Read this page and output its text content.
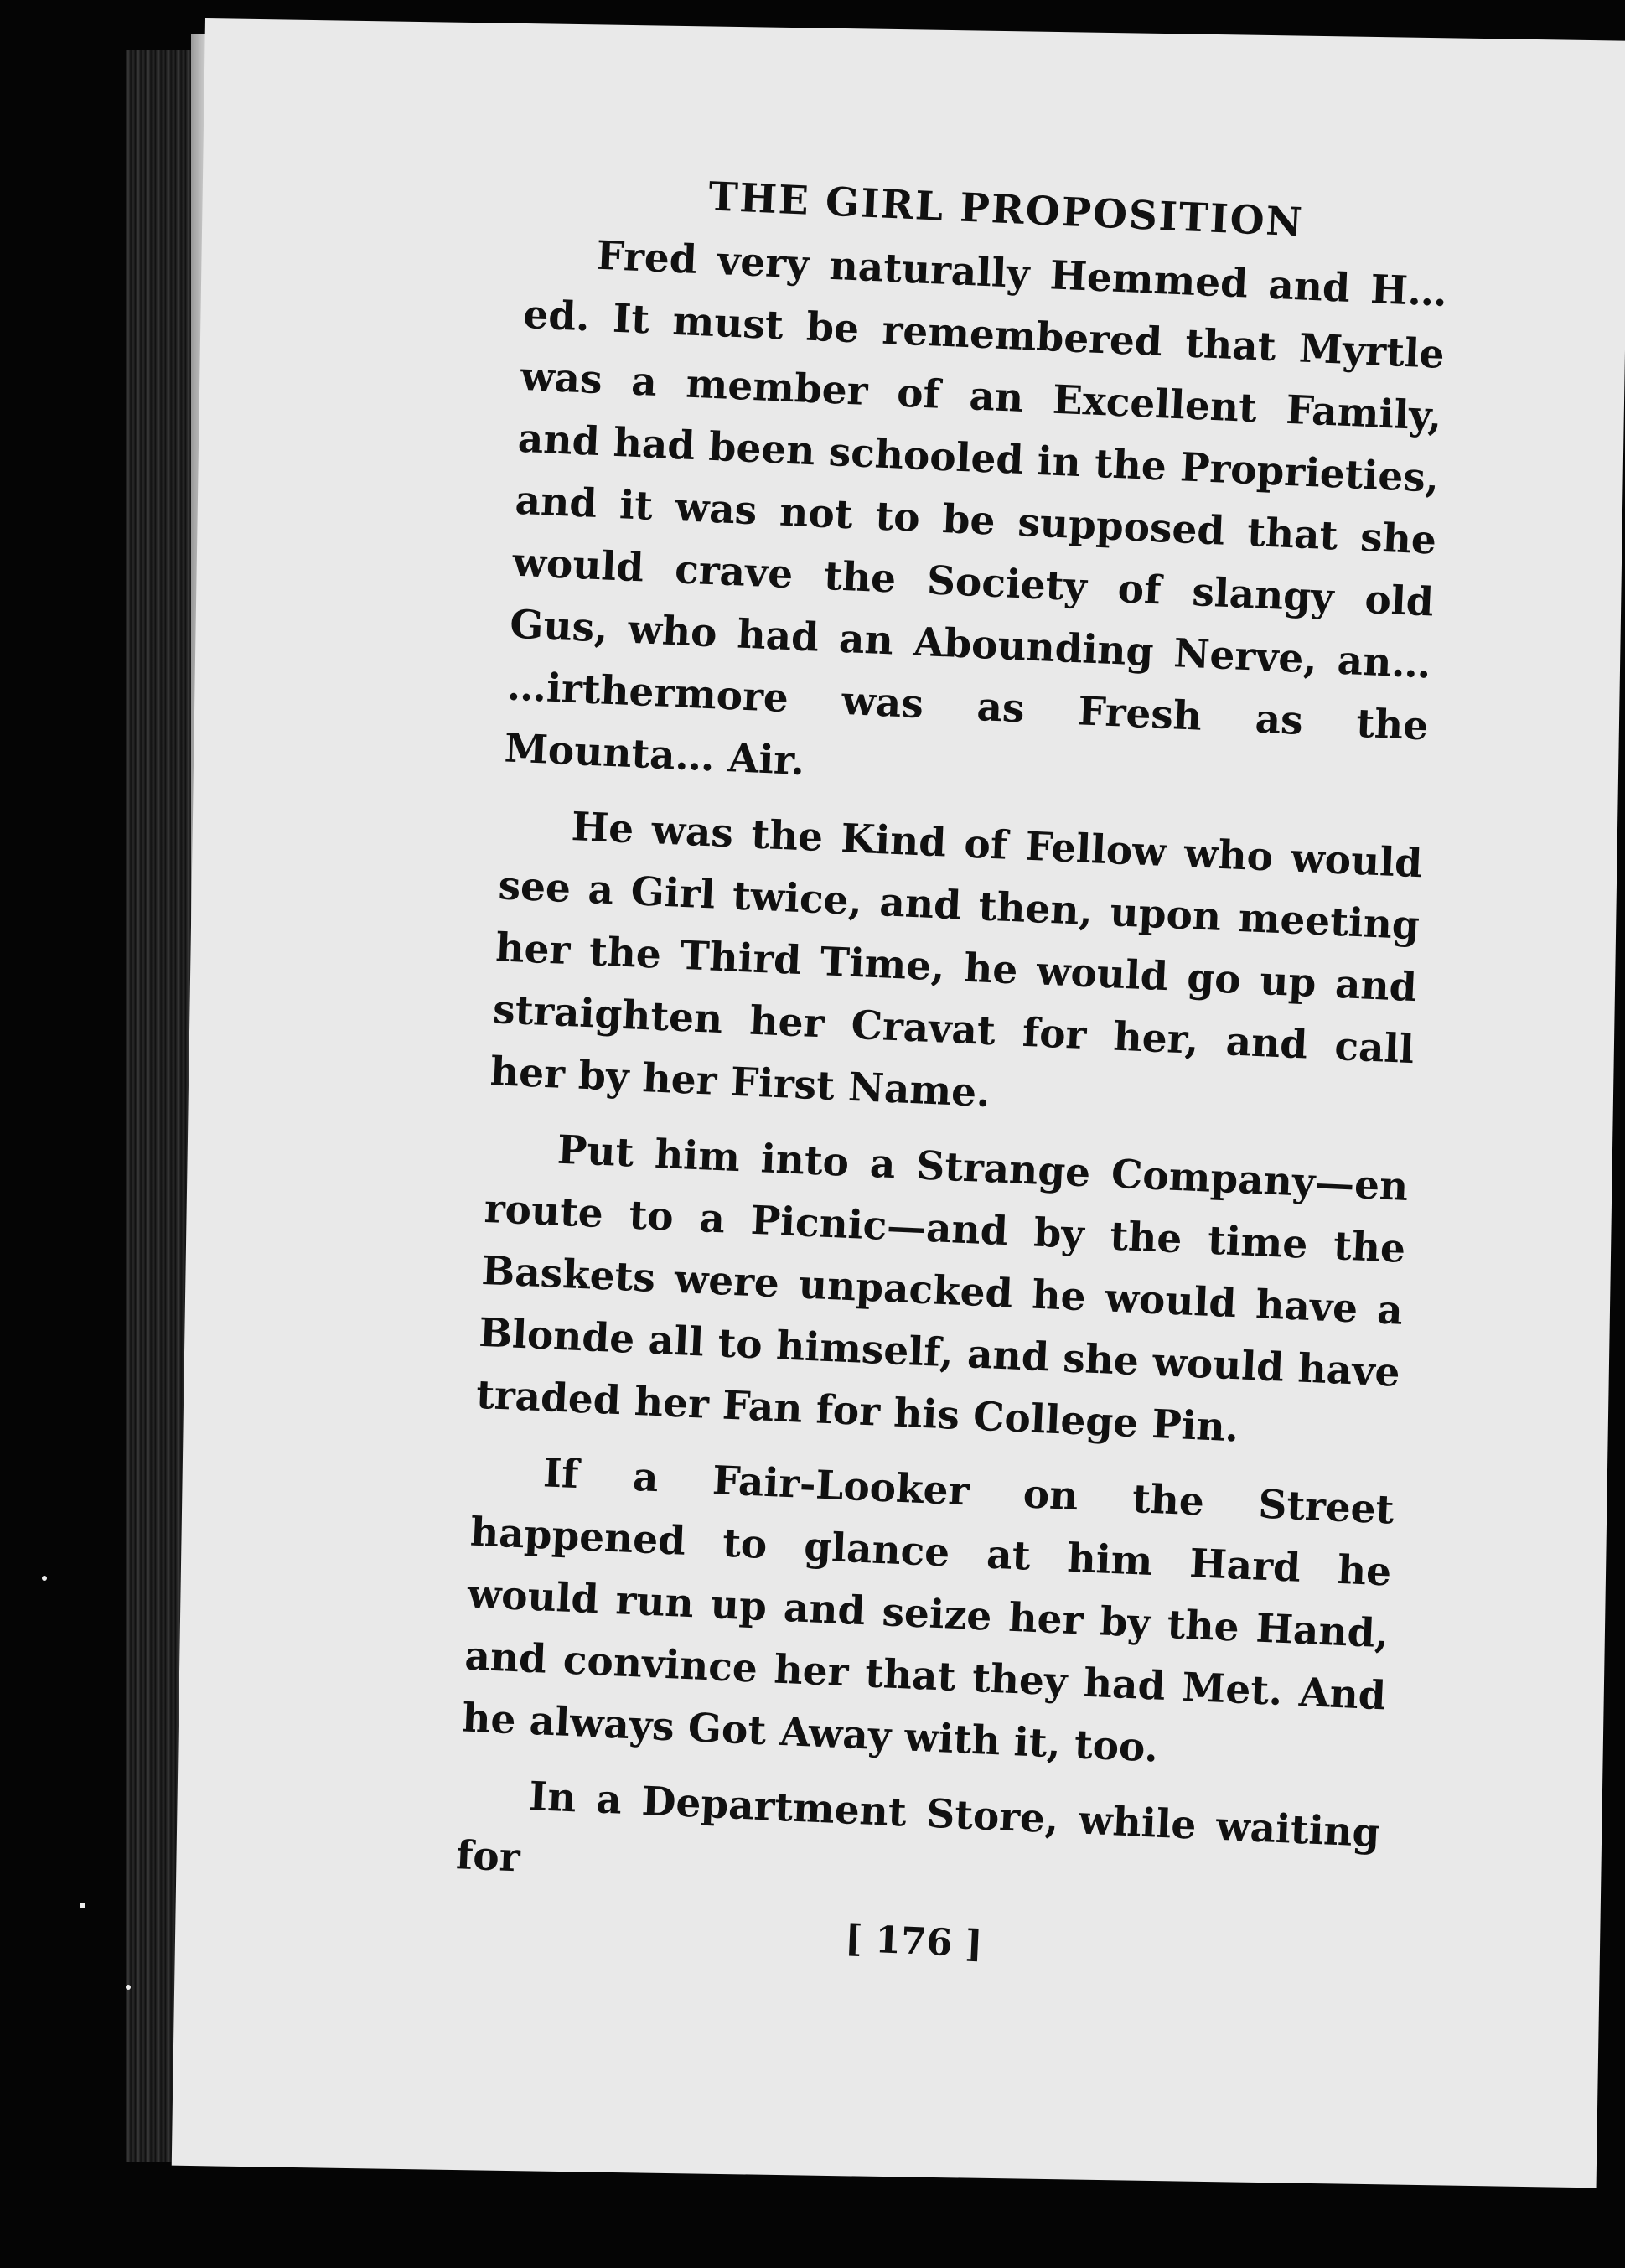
THE GIRL PROPOSITION

Fred very naturally Hemmed and H…ed. It must be remembered that Myrtle was a member of an Excellent Family, and had been schooled in the Proprieties, and it was not to be supposed that she would crave the Society of slangy old Gus, who had an Abounding Nerve, an… …irthermore was as Fresh as the Mounta… Air.

He was the Kind of Fellow who would see a Girl twice, and then, upon meeting her the Third Time, he would go up and straighten her Cravat for her, and call her by her First Name.

Put him into a Strange Company—en route to a Picnic—and by the time the Baskets were unpacked he would have a Blonde all to himself, and she would have traded her Fan for his College Pin.

If a Fair-Looker on the Street happened to glance at him Hard he would run up and seize her by the Hand, and convince her that they had Met. And he always Got Away with it, too.

In a Department Store, while waiting for

[ 176 ]
